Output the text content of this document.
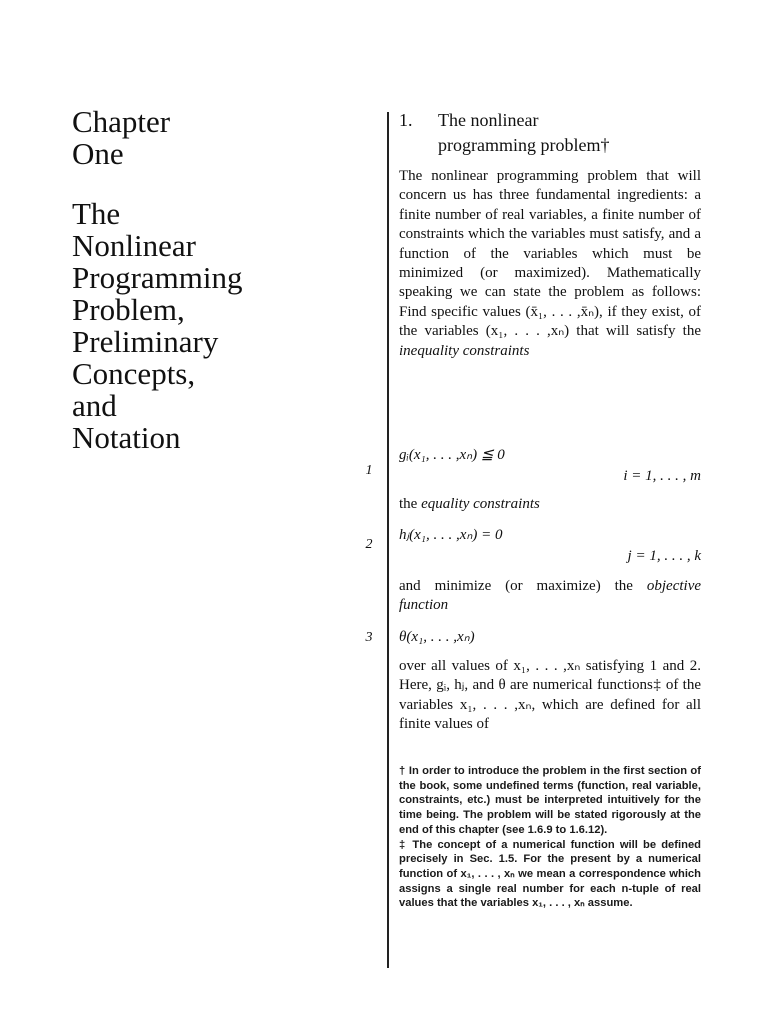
Chapter
One
The
Nonlinear
Programming
Problem,
Preliminary
Concepts,
and
Notation
1. The nonlinear
programming problem†
The nonlinear programming problem that will concern us has three fundamental ingredients: a finite number of real variables, a finite number of constraints which the variables must satisfy, and a function of the variables which must be minimized (or maximized). Mathematically speaking we can state the problem as follows: Find specific values (x̄₁, . . . ,x̄ₙ), if they exist, of the variables (x₁, . . . ,xₙ) that will satisfy the inequality constraints
1
gᵢ(x₁, . . . ,xₙ) ≦ 0
i = 1, . . . , m
the equality constraints
2
hⱼ(x₁, . . . ,xₙ) = 0
j = 1, . . . , k
and minimize (or maximize) the objective function
3 θ(x₁, . . . ,xₙ)
over all values of x₁, . . . ,xₙ satisfying 1 and 2. Here, gᵢ, hⱼ, and θ are numerical functions‡ of the variables x₁, . . . ,xₙ, which are defined for all finite values of

† In order to introduce the problem in the first section of the book, some undefined terms (function, real variable, constraints, etc.) must be interpreted intuitively for the time being. The problem will be stated rigorously at the end of this chapter (see 1.6.9 to 1.6.12).

‡ The concept of a numerical function will be defined precisely in Sec. 1.5. For the present by a numerical function of x₁, . . . , xₙ we mean a correspondence which assigns a single real number for each n-tuple of real values that the variables x₁, . . . , xₙ assume.
